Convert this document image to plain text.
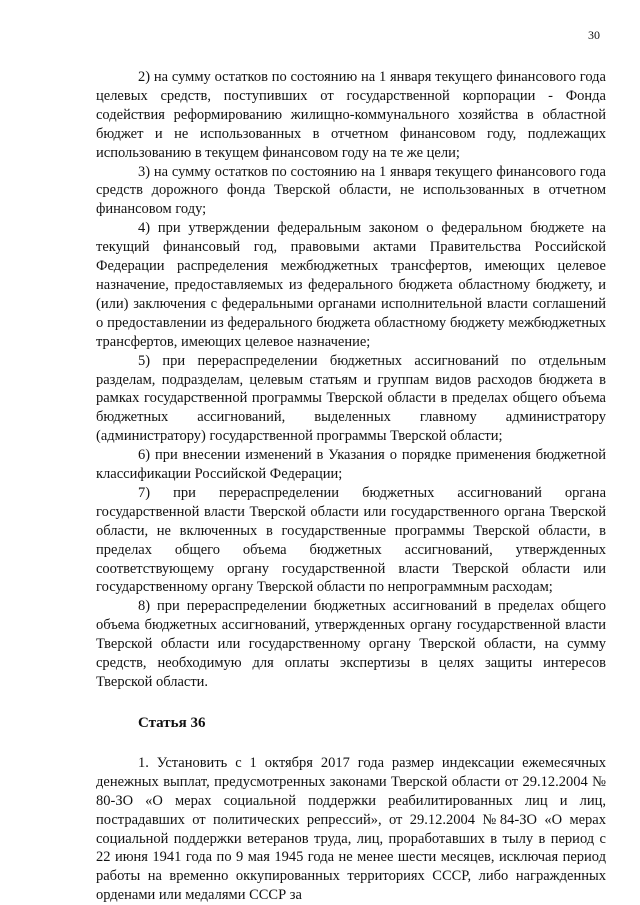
30

2) на сумму остатков по состоянию на 1 января текущего финансового года целевых средств, поступивших от государственной корпорации - Фонда содействия реформированию жилищно-коммунального хозяйства в областной бюджет и не использованных в отчетном финансовом году, подлежащих использованию в текущем финансовом году на те же цели;

3) на сумму остатков по состоянию на 1 января текущего финансового года средств дорожного фонда Тверской области, не использованных в отчетном финансовом году;

4) при утверждении федеральным законом о федеральном бюджете на текущий финансовый год, правовыми актами Правительства Российской Федерации распределения межбюджетных трансфертов, имеющих целевое назначение, предоставляемых из федерального бюджета областному бюджету, и (или) заключения с федеральными органами исполнительной власти соглашений о предоставлении из федерального бюджета областному бюджету межбюджетных трансфертов, имеющих целевое назначение;

5) при перераспределении бюджетных ассигнований по отдельным разделам, подразделам, целевым статьям и группам видов расходов бюджета в рамках государственной программы Тверской области в пределах общего объема бюджетных ассигнований, выделенных главному администратору (администратору) государственной программы Тверской области;

6) при внесении изменений в Указания о порядке применения бюджетной классификации Российской Федерации;

7) при перераспределении бюджетных ассигнований органа государственной власти Тверской области или государственного органа Тверской области, не включенных в государственные программы Тверской области, в пределах общего объема бюджетных ассигнований, утвержденных соответствующему органу государственной власти Тверской области или государственному органу Тверской области по непрограммным расходам;

8) при перераспределении бюджетных ассигнований в пределах общего объема бюджетных ассигнований, утвержденных органу государственной власти Тверской области или государственному органу Тверской области, на сумму средств, необходимую для оплаты экспертизы в целях защиты интересов Тверской области.

Статья 36

1. Установить с 1 октября 2017 года размер индексации ежемесячных денежных выплат, предусмотренных законами Тверской области от 29.12.2004 № 80-ЗО «О мерах социальной поддержки реабилитированных лиц и лиц, пострадавших от политических репрессий», от 29.12.2004 №84-ЗО «О мерах социальной поддержки ветеранов труда, лиц, проработавших в тылу в период с 22 июня 1941 года по 9 мая 1945 года не менее шести месяцев, исключая период работы на временно оккупированных территориях СССР, либо награжденных орденами или медалями СССР за
